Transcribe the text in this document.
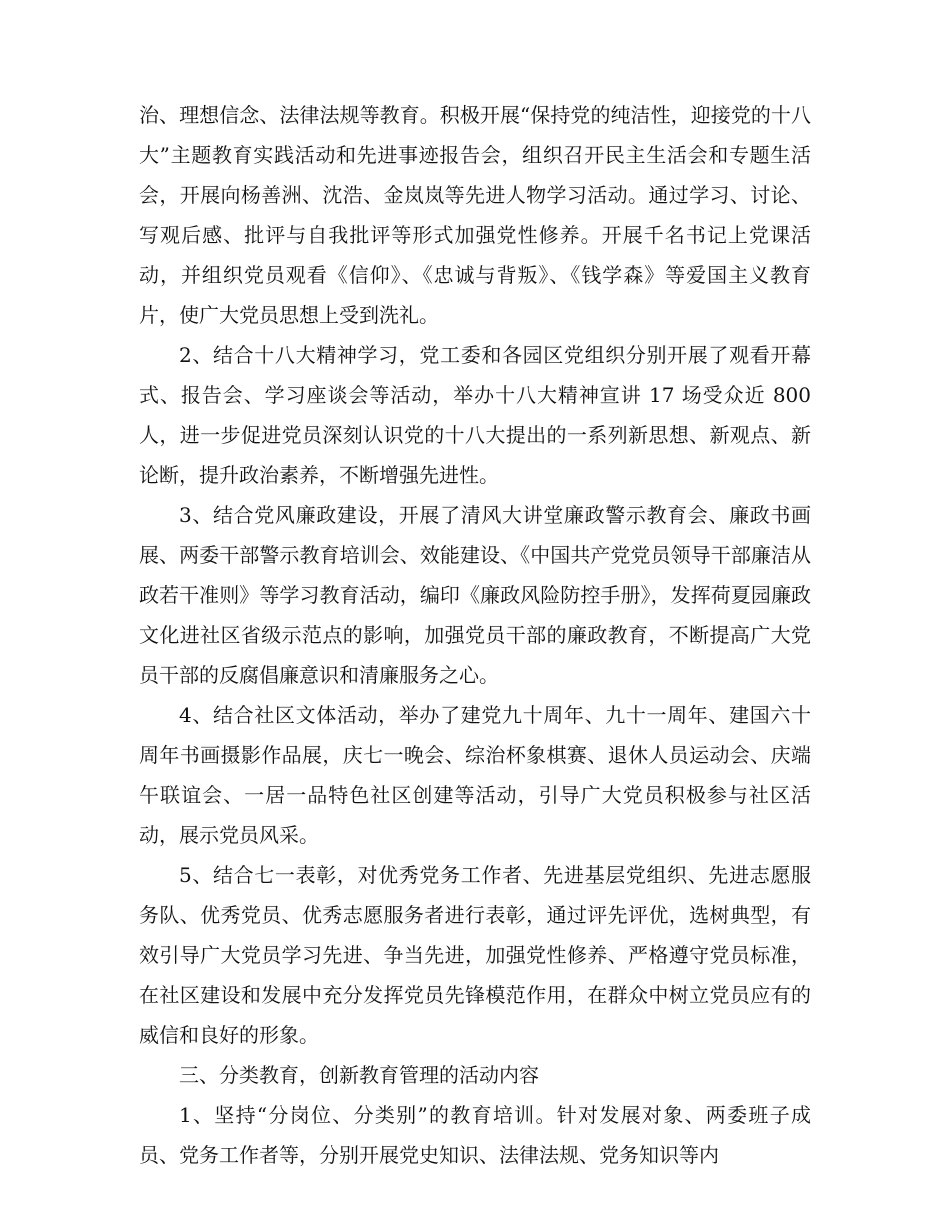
治、理想信念、法律法规等教育。积极开展“保持党的纯洁性，迎接党的十八大”主题教育实践活动和先进事迹报告会，组织召开民主生活会和专题生活会，开展向杨善洲、沈浩、金岚岚等先进人物学习活动。通过学习、讨论、写观后感、批评与自我批评等形式加强党性修养。开展千名书记上党课活动，并组织党员观看《信仰》、《忠诚与背叛》、《钱学森》等爱国主义教育片，使广大党员思想上受到洗礼。

2、结合十八大精神学习，党工委和各园区党组织分别开展了观看开幕式、报告会、学习座谈会等活动，举办十八大精神宣讲 17 场受众近 800 人，进一步促进党员深刻认识党的十八大提出的一系列新思想、新观点、新论断，提升政治素养，不断增强先进性。

3、结合党风廉政建设，开展了清风大讲堂廉政警示教育会、廉政书画展、两委干部警示教育培训会、效能建设、《中国共产党党员领导干部廉洁从政若干准则》等学习教育活动，编印《廉政风险防控手册》，发挥荷夏园廉政文化进社区省级示范点的影响，加强党员干部的廉政教育，不断提高广大党员干部的反腐倡廉意识和清廉服务之心。

4、结合社区文体活动，举办了建党九十周年、九十一周年、建国六十周年书画摄影作品展，庆七一晚会、综治杯象棋赛、退休人员运动会、庆端午联谊会、一居一品特色社区创建等活动，引导广大党员积极参与社区活动，展示党员风采。

5、结合七一表彰，对优秀党务工作者、先进基层党组织、先进志愿服务队、优秀党员、优秀志愿服务者进行表彰，通过评先评优，选树典型，有效引导广大党员学习先进、争当先进，加强党性修养、严格遵守党员标准，在社区建设和发展中充分发挥党员先锋模范作用，在群众中树立党员应有的威信和良好的形象。

三、分类教育，创新教育管理的活动内容

1、坚持“分岗位、分类别”的教育培训。针对发展对象、两委班子成员、党务工作者等，分别开展党史知识、法律法规、党务知识等内
